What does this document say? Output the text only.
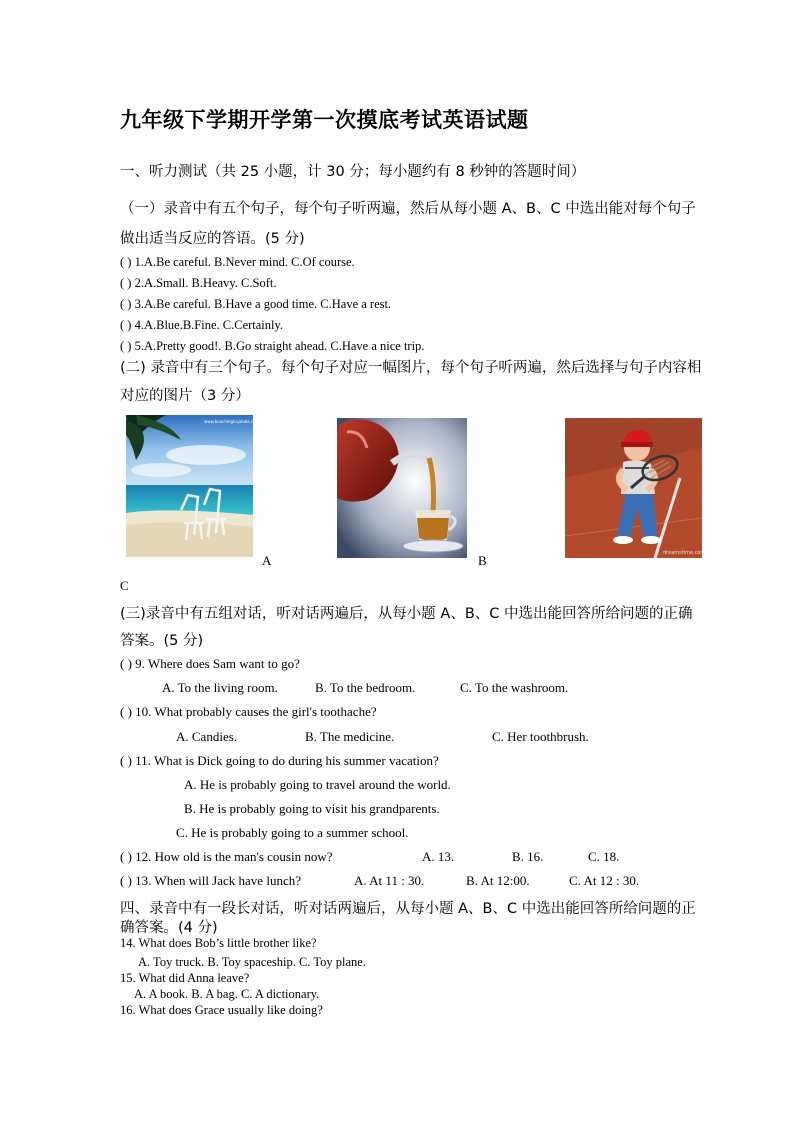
九年级下学期开学第一次摸底考试英语试题
一、听力测试（共 25 小题，计 30 分；每小题约有 8 秒钟的答题时间）
（一）录音中有五个句子，每个句子听两遍，然后从每小题 A、B、C 中选出能对每个句子
做出适当反应的答语。(5 分)
( ) 1.A.Be careful. B.Never mind. C.Of course.
( ) 2.A.Small. B.Heavy. C.Soft.
( ) 3.A.Be careful. B.Have a good time. C.Have a rest.
( ) 4.A.Blue.B.Fine. C.Certainly.
( ) 5.A.Pretty good!. B.Go straight ahead. C.Have a nice trip.
(二) 录音中有三个句子。每个句子对应一幅图片，每个句子听两遍，然后选择与句子内容相
对应的图片（3 分）
www.beachingkajakala.com
A	B	dreamstime.com
C
(三)录音中有五组对话，听对话两遍后，从每小题 A、B、C 中选出能回答所给问题的正确
答案。(5 分)
( ) 9. Where does Sam want to go?
A. To the living room.	B. To the bedroom.	C. To the washroom.
( ) 10. What probably causes the girl's toothache?
A. Candies.	B. The medicine.	C. Her toothbrush.
( ) 11. What is Dick going to do during his summer vacation?
A. He is probably going to travel around the world.
B. He is probably going to visit his grandparents.
C. He is probably going to a summer school.
( ) 12. How old is the man's cousin now?	A. 13.	B. 16.	C. 18.
( ) 13. When will Jack have lunch?	A. At 11 : 30.	B. At 12:00.	C. At 12 : 30.
四、录音中有一段长对话，听对话两遍后，从每小题 A、B、C 中选出能回答所给问题的正
确答案。(4 分)
14. What does Bob’s little brother like?
A. Toy truck. B. Toy spaceship. C. Toy plane.
15. What did Anna leave?
A. A book. B. A bag. C. A dictionary.
16. What does Grace usually like doing?
